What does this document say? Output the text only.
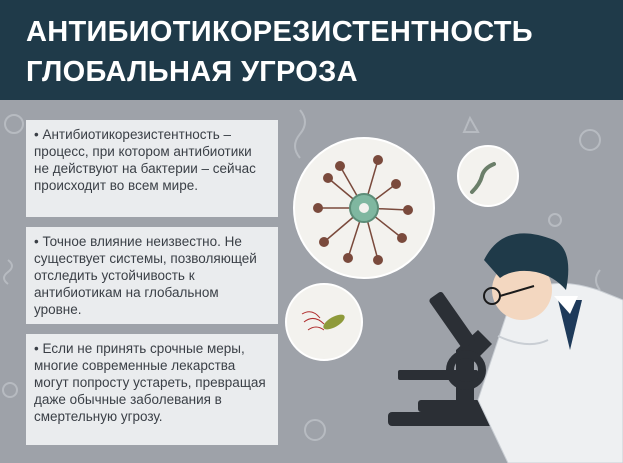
АНТИБИОТИКОРЕЗИСТЕНТНОСТЬ
ГЛОБАЛЬНАЯ УГРОЗА
• Антибиотикорезистентность – процесс, при котором антибиотики не действуют на бактерии – сейчас происходит во всем мире.
• Точное влияние неизвестно. Не существует системы, позволяющей отследить устойчивость к антибиотикам на глобальном уровне.
• Если не принять срочные меры, многие современные лекарства могут попросту устареть, превращая даже обычные заболевания в смертельную угрозу.
